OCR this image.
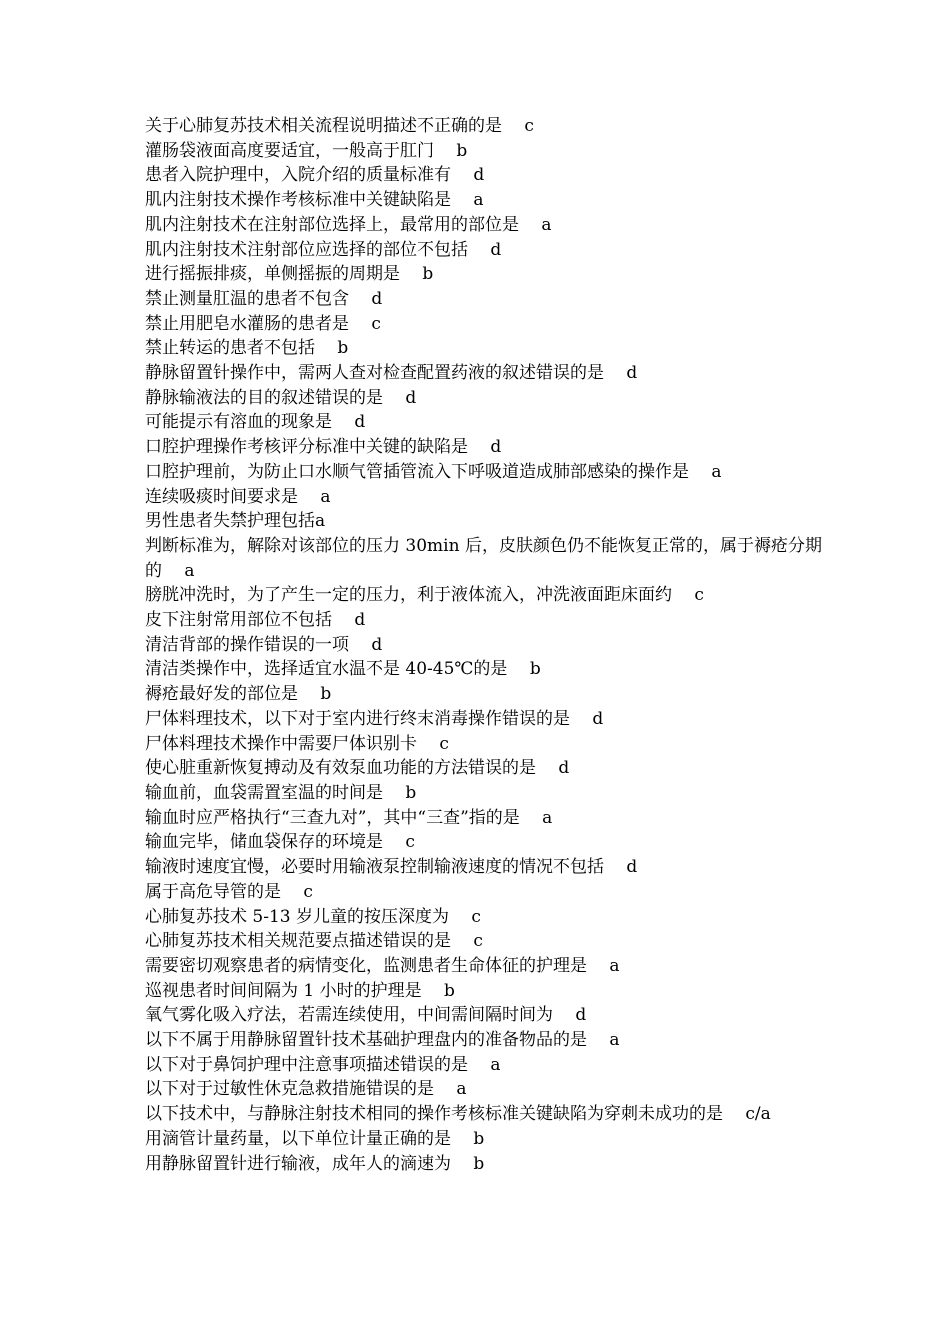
关于心肺复苏技术相关流程说明描述不正确的是　 c

灌肠袋液面高度要适宜，一般高于肛门　 b

患者入院护理中，入院介绍的质量标准有　 d

肌内注射技术操作考核标准中关键缺陷是　 a

肌内注射技术在注射部位选择上，最常用的部位是　 a

肌内注射技术注射部位应选择的部位不包括　 d

进行摇振排痰，单侧摇振的周期是　 b

禁止测量肛温的患者不包含　 d

禁止用肥皂水灌肠的患者是　 c

禁止转运的患者不包括　 b

静脉留置针操作中，需两人查对检查配置药液的叙述错误的是　 d

静脉输液法的目的叙述错误的是　 d

可能提示有溶血的现象是　 d

口腔护理操作考核评分标准中关键的缺陷是　 d

口腔护理前，为防止口水顺气管插管流入下呼吸道造成肺部感染的操作是　 a

连续吸痰时间要求是　 a

男性患者失禁护理包括a

判断标准为，解除对该部位的压力 30min 后，皮肤颜色仍不能恢复正常的，属于褥疮分期的　 a

膀胱冲洗时，为了产生一定的压力，利于液体流入，冲洗液面距床面约　 c

皮下注射常用部位不包括　 d

清洁背部的操作错误的一项　 d

清洁类操作中，选择适宜水温不是 40-45℃的是　 b

褥疮最好发的部位是　 b

尸体料理技术，以下对于室内进行终末消毒操作错误的是　 d

尸体料理技术操作中需要尸体识别卡　 c

使心脏重新恢复搏动及有效泵血功能的方法错误的是　 d

输血前，血袋需置室温的时间是　 b

输血时应严格执行“三查九对”，其中“三查”指的是　 a

输血完毕，储血袋保存的环境是　 c

输液时速度宜慢，必要时用输液泵控制输液速度的情况不包括　 d

属于高危导管的是　 c

心肺复苏技术 5-13 岁儿童的按压深度为　 c

心肺复苏技术相关规范要点描述错误的是　 c

需要密切观察患者的病情变化，监测患者生命体征的护理是　 a

巡视患者时间间隔为 1 小时的护理是　 b

氧气雾化吸入疗法，若需连续使用，中间需间隔时间为　 d

以下不属于用静脉留置针技术基础护理盘内的准备物品的是　 a

以下对于鼻饲护理中注意事项描述错误的是　 a

以下对于过敏性休克急救措施错误的是　 a

以下技术中，与静脉注射技术相同的操作考核标准关键缺陷为穿刺未成功的是　 c/a

用滴管计量药量，以下单位计量正确的是　 b

用静脉留置针进行输液，成年人的滴速为　 b
